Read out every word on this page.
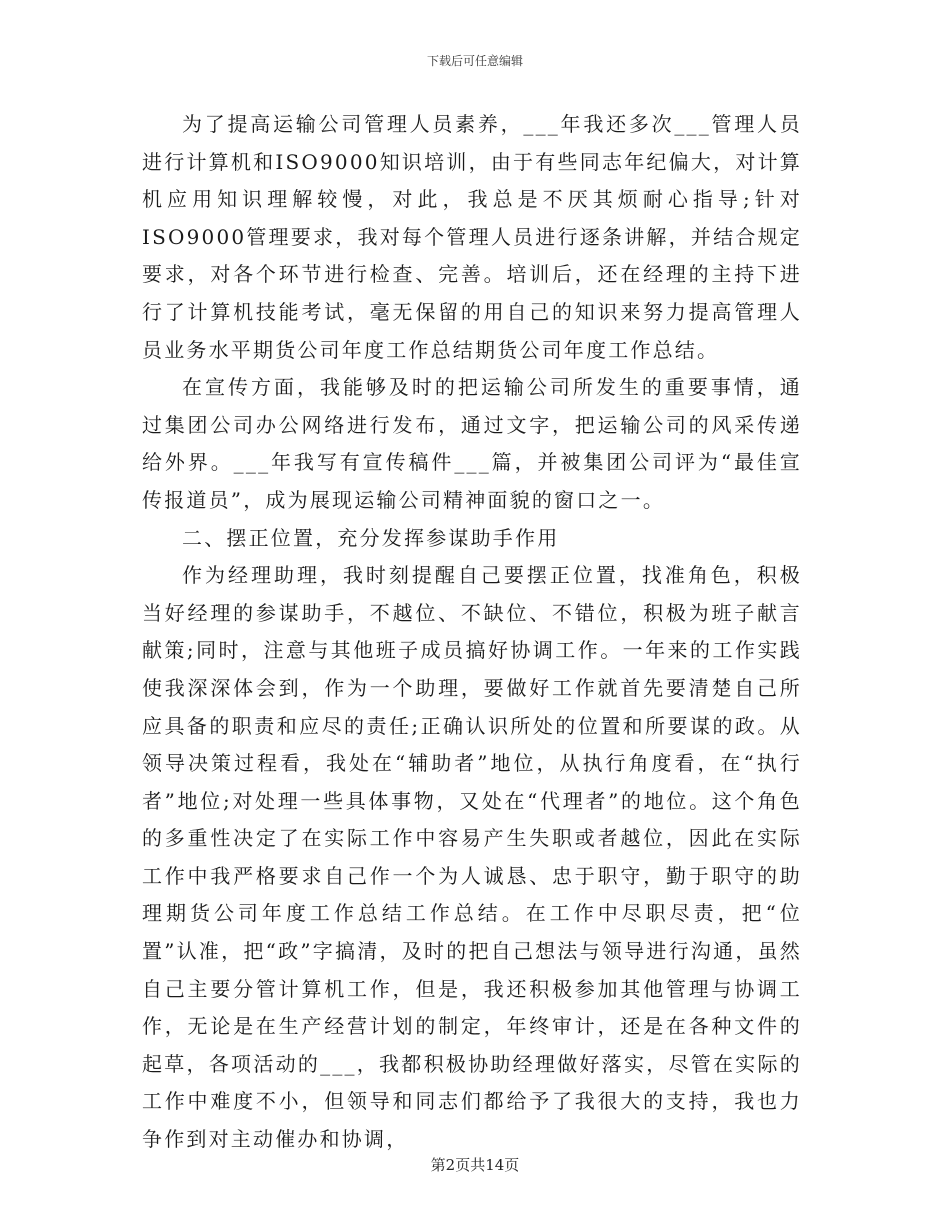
下载后可任意编辑

为了提高运输公司管理人员素养，___年我还多次___管理人员进行计算机和ISO9000知识培训，由于有些同志年纪偏大，对计算机应用知识理解较慢，对此，我总是不厌其烦耐心指导;针对ISO9000管理要求，我对每个管理人员进行逐条讲解，并结合规定要求，对各个环节进行检查、完善。培训后，还在经理的主持下进行了计算机技能考试，毫无保留的用自己的知识来努力提高管理人员业务水平期货公司年度工作总结期货公司年度工作总结。

在宣传方面，我能够及时的把运输公司所发生的重要事情，通过集团公司办公网络进行发布，通过文字，把运输公司的风采传递给外界。___年我写有宣传稿件___篇，并被集团公司评为“最佳宣传报道员”，成为展现运输公司精神面貌的窗口之一。

二、摆正位置，充分发挥参谋助手作用

作为经理助理，我时刻提醒自己要摆正位置，找准角色，积极当好经理的参谋助手，不越位、不缺位、不错位，积极为班子献言献策;同时，注意与其他班子成员搞好协调工作。一年来的工作实践使我深深体会到，作为一个助理，要做好工作就首先要清楚自己所应具备的职责和应尽的责任;正确认识所处的位置和所要谋的政。从领导决策过程看，我处在“辅助者”地位，从执行角度看，在“执行者”地位;对处理一些具体事物，又处在“代理者”的地位。这个角色的多重性决定了在实际工作中容易产生失职或者越位，因此在实际工作中我严格要求自己作一个为人诚恳、忠于职守，勤于职守的助理期货公司年度工作总结工作总结。在工作中尽职尽责，把“位置”认准，把“政”字搞清，及时的把自己想法与领导进行沟通，虽然自己主要分管计算机工作，但是，我还积极参加其他管理与协调工作，无论是在生产经营计划的制定，年终审计，还是在各种文件的起草，各项活动的___，我都积极协助经理做好落实，尽管在实际的工作中难度不小，但领导和同志们都给予了我很大的支持，我也力争作到对主动催办和协调，

第2页共14页
